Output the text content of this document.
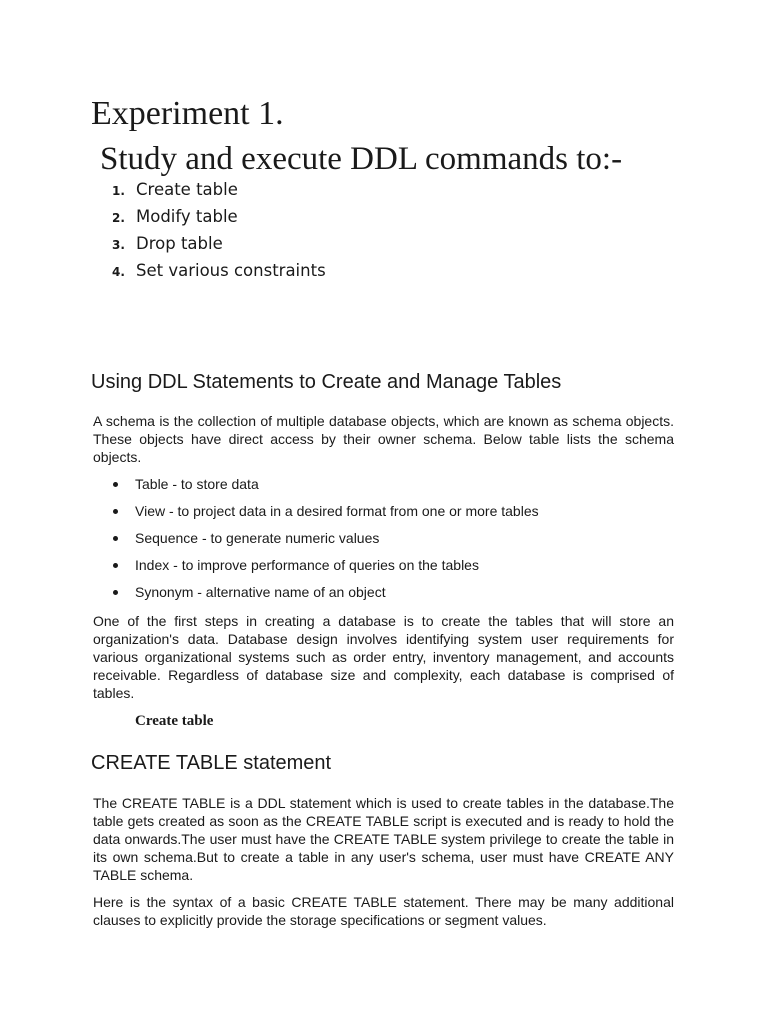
Experiment 1.
Study and execute DDL commands to:-
1. Create table
2. Modify table
3. Drop table
4. Set various constraints
Using DDL Statements to Create and Manage Tables

A schema is the collection of multiple database objects, which are known as schema objects. These objects have direct access by their owner schema. Below table lists the schema objects.

Table - to store data
View - to project data in a desired format from one or more tables
Sequence - to generate numeric values
Index - to improve performance of queries on the tables
Synonym - alternative name of an object

One of the first steps in creating a database is to create the tables that will store an organization's data. Database design involves identifying system user requirements for various organizational systems such as order entry, inventory management, and accounts receivable. Regardless of database size and complexity, each database is comprised of tables.

Create table
CREATE TABLE statement

The CREATE TABLE is a DDL statement which is used to create tables in the database.The table gets created as soon as the CREATE TABLE script is executed and is ready to hold the data onwards.The user must have the CREATE TABLE system privilege to create the table in its own schema.But to create a table in any user's schema, user must have CREATE ANY TABLE schema.

Here is the syntax of a basic CREATE TABLE statement. There may be many additional clauses to explicitly provide the storage specifications or segment values.
